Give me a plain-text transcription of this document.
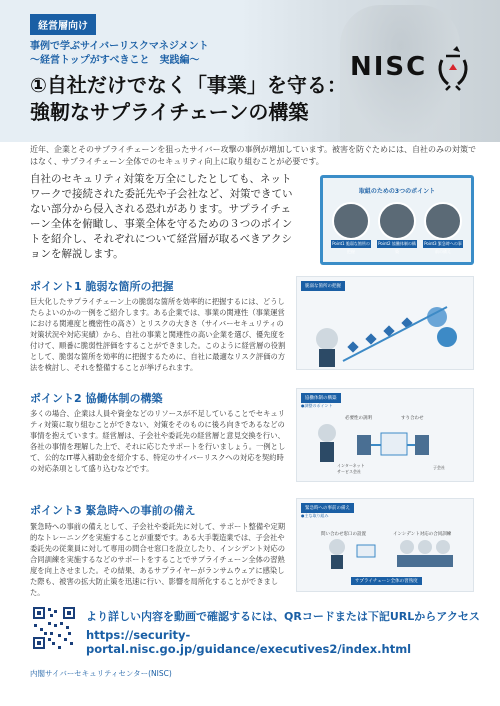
経営層向け
事例で学ぶサイバーリスクマネジメント
〜経営トップがすべきこと　実践編〜
①自社だけでなく「事業」を守る：
強靭なサプライチェーンの構築
NISC
近年、企業とそのサプライチェーンを狙ったサイバー攻撃の事例が増加しています。被害を防ぐためには、自社のみの対策ではなく、サプライチェーン全体でのセキュリティ向上に取り組むことが必要です。
自社のセキュリティ対策を万全にしたとしても、ネットワークで接続された委託先や子会社など、対策できていない部分から侵入される恐れがあります。サプライチェーン全体を俯瞰し、事業全体を守るための３つのポイントを紹介し、それぞれについて経営層が取るべきアクションを解説します。
取組のための3つのポイント
Point1 脆弱な箇所の把握
Point2 協働体制の構築
Point3 緊急時への事前の備え
ポイント1 脆弱な箇所の把握
巨大化したサプライチェーン上の脆弱な箇所を効率的に把握するには、どうしたらよいのかの一例をご紹介します。ある企業では、事業の関連性（事業運営における関連度と機密性の高さ）とリスクの大きさ（サイバーセキュリティの対策状況や対応実績）から、自社の事業と関連性の高い企業を選び、優先度を付けて、順番に脆弱性評価をすることができました。このように経営層の役割として、脆弱な箇所を効率的に把握するために、自社に最適なリスク評価の方法を検討し、それを整備することが挙げられます。
脆弱な箇所の把握
ポイント2 協働体制の構築
多くの場合、企業は人員や資金などのリソースが不足していることでセキュリティ対策に取り組むことができない、対策をそのものに後ろ向きであるなどの事情を抱えています。経営層は、子会社や委託先の経営層と意見交換を行い、各社の事情を理解した上で、それに応じたサポートを行いましょう。一例として、公的なIT導入補助金を紹介する、特定のサイバーリスクへの対応を契約時の対応条項として盛り込むなどです。
協働体制の構築
●調整のポイント
必要性の説明	すり合わせ
インターネット
サービス会社
子会社
ポイント3 緊急時への事前の備え
緊急時への事前の備えとして、子会社や委託先に対して、サポート整備や定期的なトレーニングを実施することが重要です。ある大手製造業では、子会社や委託先の従業員に対して専用の問合せ窓口を設立したり、インシデント対応の合同訓練を実施するなどのサポートをすることでサプライチェーン全体の習熟度を向上させました。その結果、あるサプライヤーがランサムウェアに感染した際も、被害の拡大防止策を迅速に行い、影響を局所化することができました。
緊急時への事前の備え
●主な取り組み
問い合わせ窓口の設置	インシデント対応の合同訓練
サプライチェーン全体の習熟度
より詳しい内容を動画で確認するには、QRコードまたは下記URLからアクセス
https://security-portal.nisc.go.jp/guidance/executives2/index.html
内閣サイバーセキュリティセンター(NISC)
